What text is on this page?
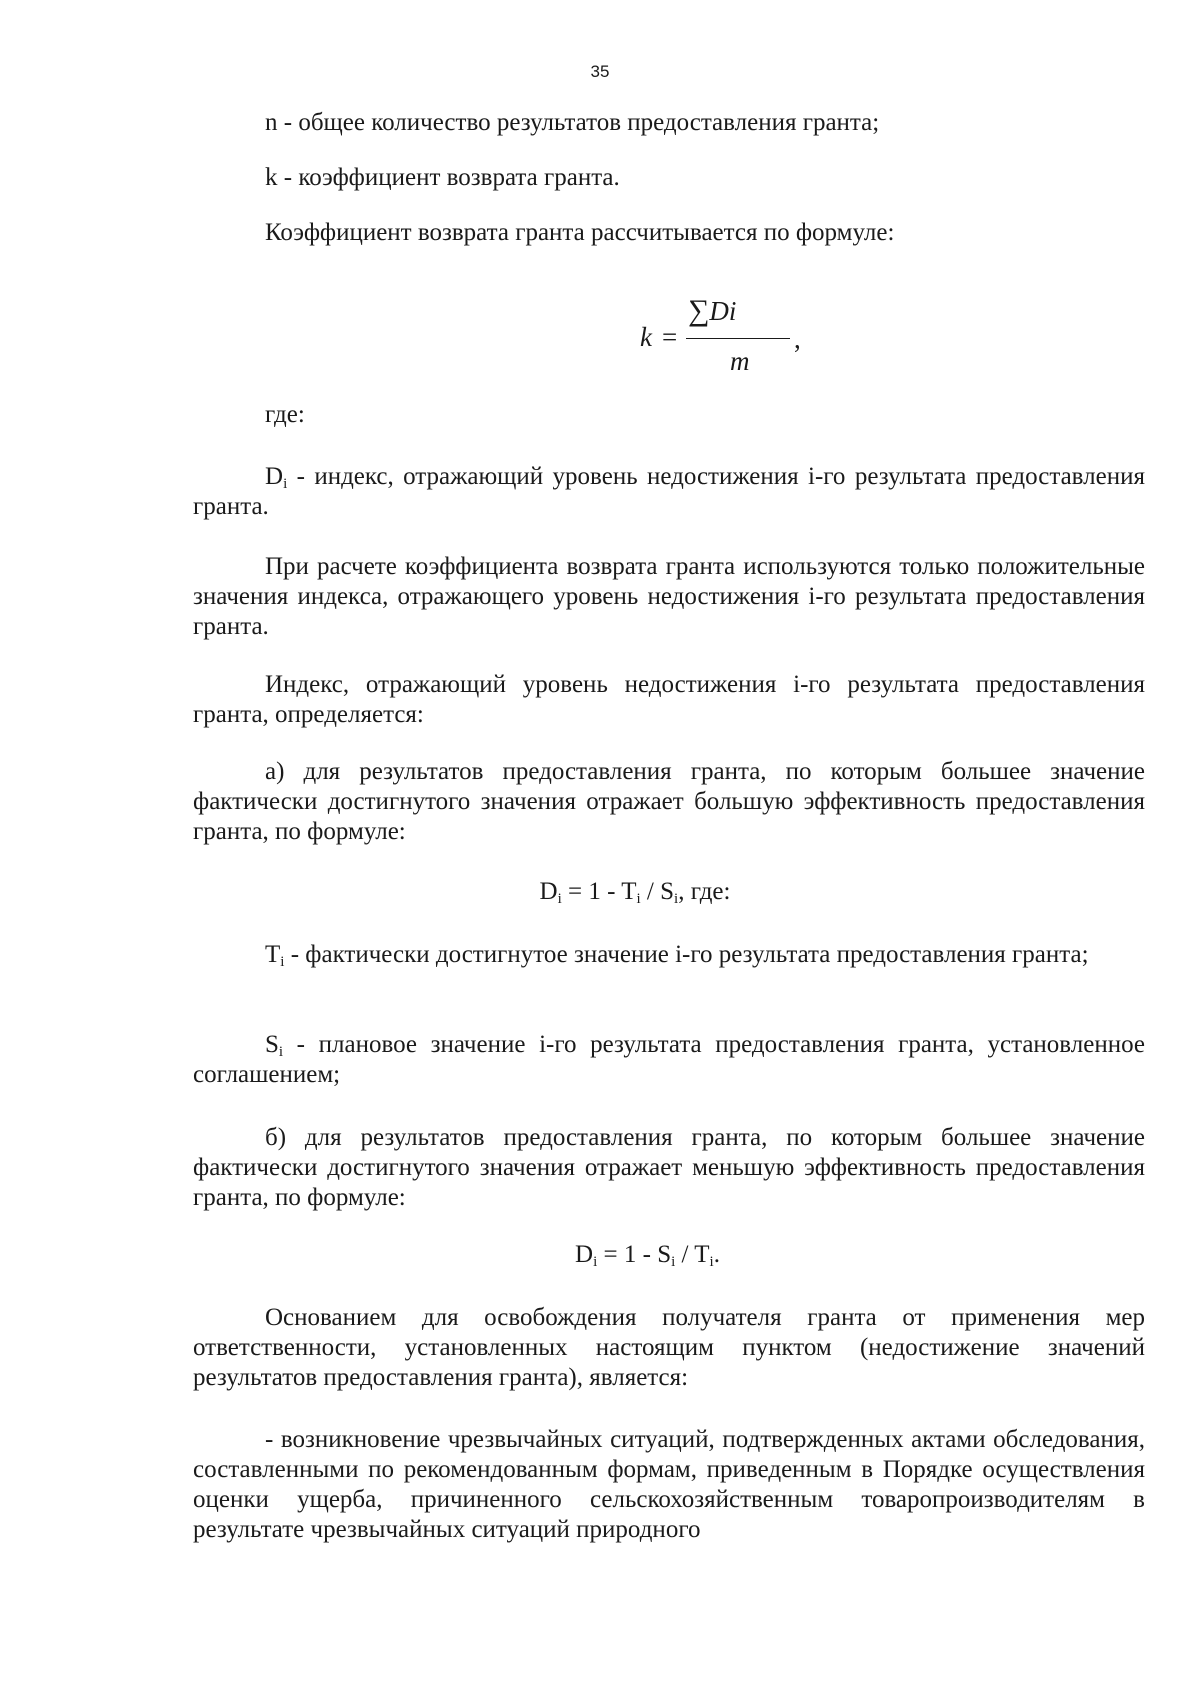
35

n - общее количество результатов предоставления гранта;

k - коэффициент возврата гранта.

Коэффициент возврата гранта рассчитывается по формуле:

k =
∑Di
m
,

где:

$D_i$ - индекс, отражающий уровень недостижения i-го результата предоставления гранта.

При расчете коэффициента возврата гранта используются только положительные значения индекса, отражающего уровень недостижения i-го результата предоставления гранта.

Индекс, отражающий уровень недостижения i-го результата предоставления гранта, определяется:

а) для результатов предоставления гранта, по которым большее значение фактически достигнутого значения отражает большую эффективность предоставления гранта, по формуле:

$D_i = 1 - T_i / S_i$, где:

$T_i$ - фактически достигнутое значение i-го результата предоставления гранта;

$S_i$ - плановое значение i-го результата предоставления гранта, установленное соглашением;

б) для результатов предоставления гранта, по которым большее значение фактически достигнутого значения отражает меньшую эффективность предоставления гранта, по формуле:

$D_i = 1 - S_i / T_i$.

Основанием для освобождения получателя гранта от применения мер ответственности, установленных настоящим пунктом (недостижение значений результатов предоставления гранта), является:

- возникновение чрезвычайных ситуаций, подтвержденных актами обследования, составленными по рекомендованным формам, приведенным в Порядке осуществления оценки ущерба, причиненного сельскохозяйственным товаропроизводителям в результате чрезвычайных ситуаций природного
